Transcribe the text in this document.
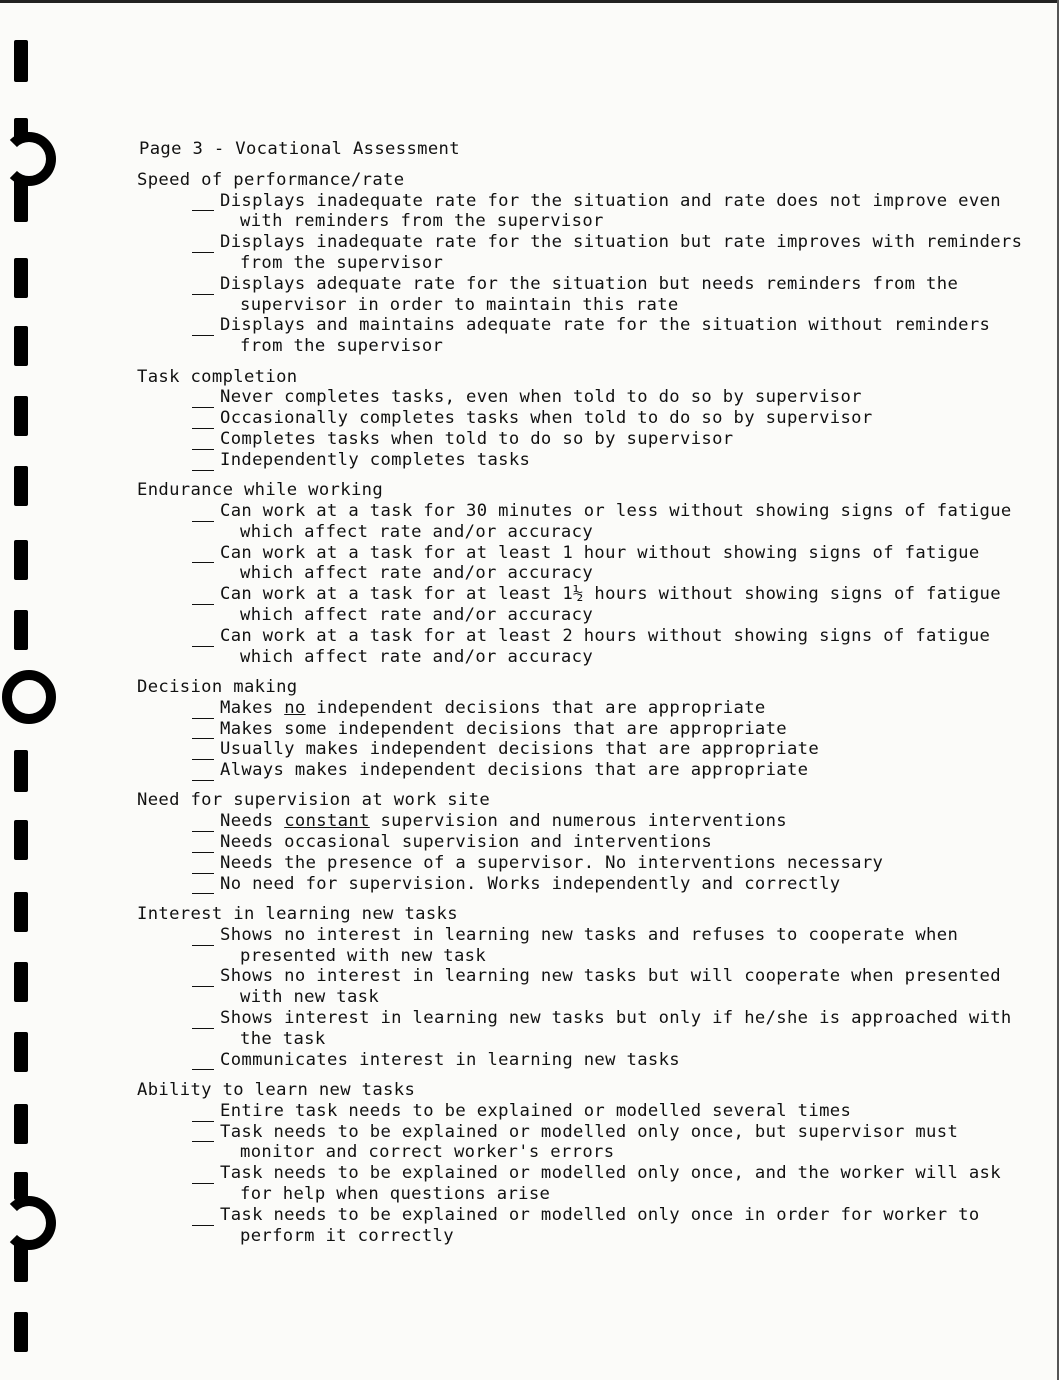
Page 3 - Vocational Assessment
Speed of performance/rate
Displays inadequate rate for the situation and rate does not improve even with reminders from the supervisor
Displays inadequate rate for the situation but rate improves with reminders from the supervisor
Displays adequate rate for the situation but needs reminders from the supervisor in order to maintain this rate
Displays and maintains adequate rate for the situation without reminders from the supervisor
Task completion
Never completes tasks, even when told to do so by supervisor
Occasionally completes tasks when told to do so by supervisor
Completes tasks when told to do so by supervisor
Independently completes tasks
Endurance while working
Can work at a task for 30 minutes or less without showing signs of fatigue which affect rate and/or accuracy
Can work at a task for at least 1 hour without showing signs of fatigue which affect rate and/or accuracy
Can work at a task for at least 1½ hours without showing signs of fatigue which affect rate and/or accuracy
Can work at a task for at least 2 hours without showing signs of fatigue which affect rate and/or accuracy
Decision making
Makes no independent decisions that are appropriate
Makes some independent decisions that are appropriate
Usually makes independent decisions that are appropriate
Always makes independent decisions that are appropriate
Need for supervision at work site
Needs constant supervision and numerous interventions
Needs occasional supervision and interventions
Needs the presence of a supervisor. No interventions necessary
No need for supervision. Works independently and correctly
Interest in learning new tasks
Shows no interest in learning new tasks and refuses to cooperate when presented with new task
Shows no interest in learning new tasks but will cooperate when presented with new task
Shows interest in learning new tasks but only if he/she is approached with the task
Communicates interest in learning new tasks
Ability to learn new tasks
Entire task needs to be explained or modelled several times
Task needs to be explained or modelled only once, but supervisor must monitor and correct worker's errors
Task needs to be explained or modelled only once, and the worker will ask for help when questions arise
Task needs to be explained or modelled only once in order for worker to perform it correctly
